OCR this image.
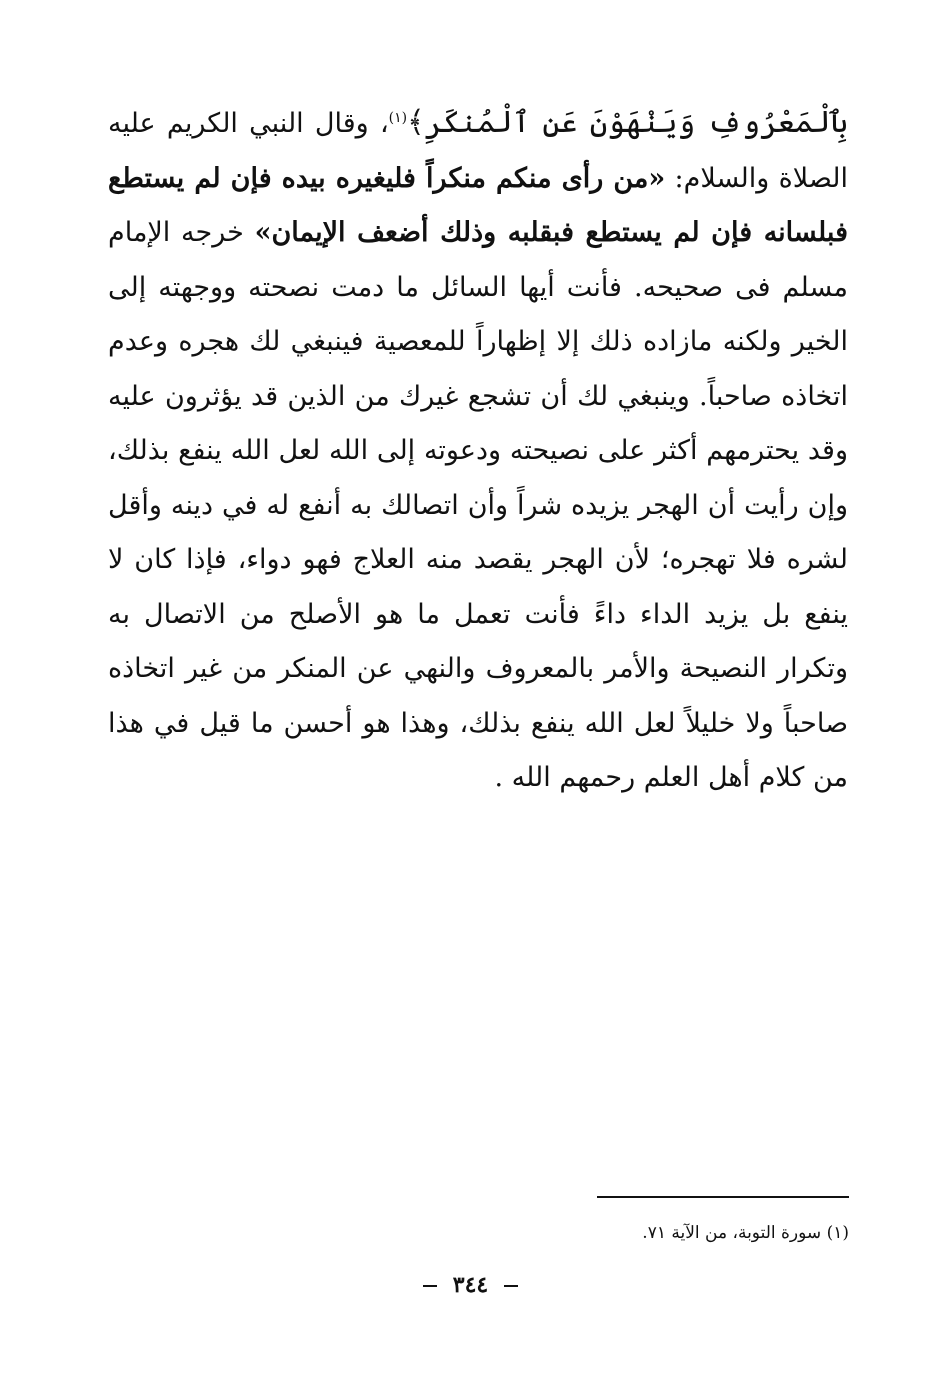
بِٱلْمَعْرُوفِ وَيَنْهَوْنَ عَنِ ٱلْمُنكَرِ﴾$^{(١)}$، وقال النبي الكريم عليه الصلاة والسلام: «من رأى منكم منكراً فليغيره بيده فإن لم يستطع فبلسانه فإن لم يستطع فبقلبه وذلك أضعف الإيمان» خرجه الإمام مسلم فى صحيحه. فأنت أيها السائل ما دمت نصحته ووجهته إلى الخير ولكنه مازاده ذلك إلا إظهاراً للمعصية فينبغي لك هجره وعدم اتخاذه صاحباً. وينبغي لك أن تشجع غيرك من الذين قد يؤثرون عليه وقد يحترمهم أكثر على نصيحته ودعوته إلى الله لعل الله ينفع بذلك، وإن رأيت أن الهجر يزيده شراً وأن اتصالك به أنفع له في دينه وأقل لشره فلا تهجره؛ لأن الهجر يقصد منه العلاج فهو دواء، فإذا كان لا ينفع بل يزيد الداء داءً فأنت تعمل ما هو الأصلح من الاتصال به وتكرار النصيحة والأمر بالمعروف والنهي عن المنكر من غير اتخاذه صاحباً ولا خليلاً لعل الله ينفع بذلك، وهذا هو أحسن ما قيل في هذا من كلام أهل العلم رحمهم الله .

(١) سورة التوبة، من الآية ٧١.
٣٤٤
